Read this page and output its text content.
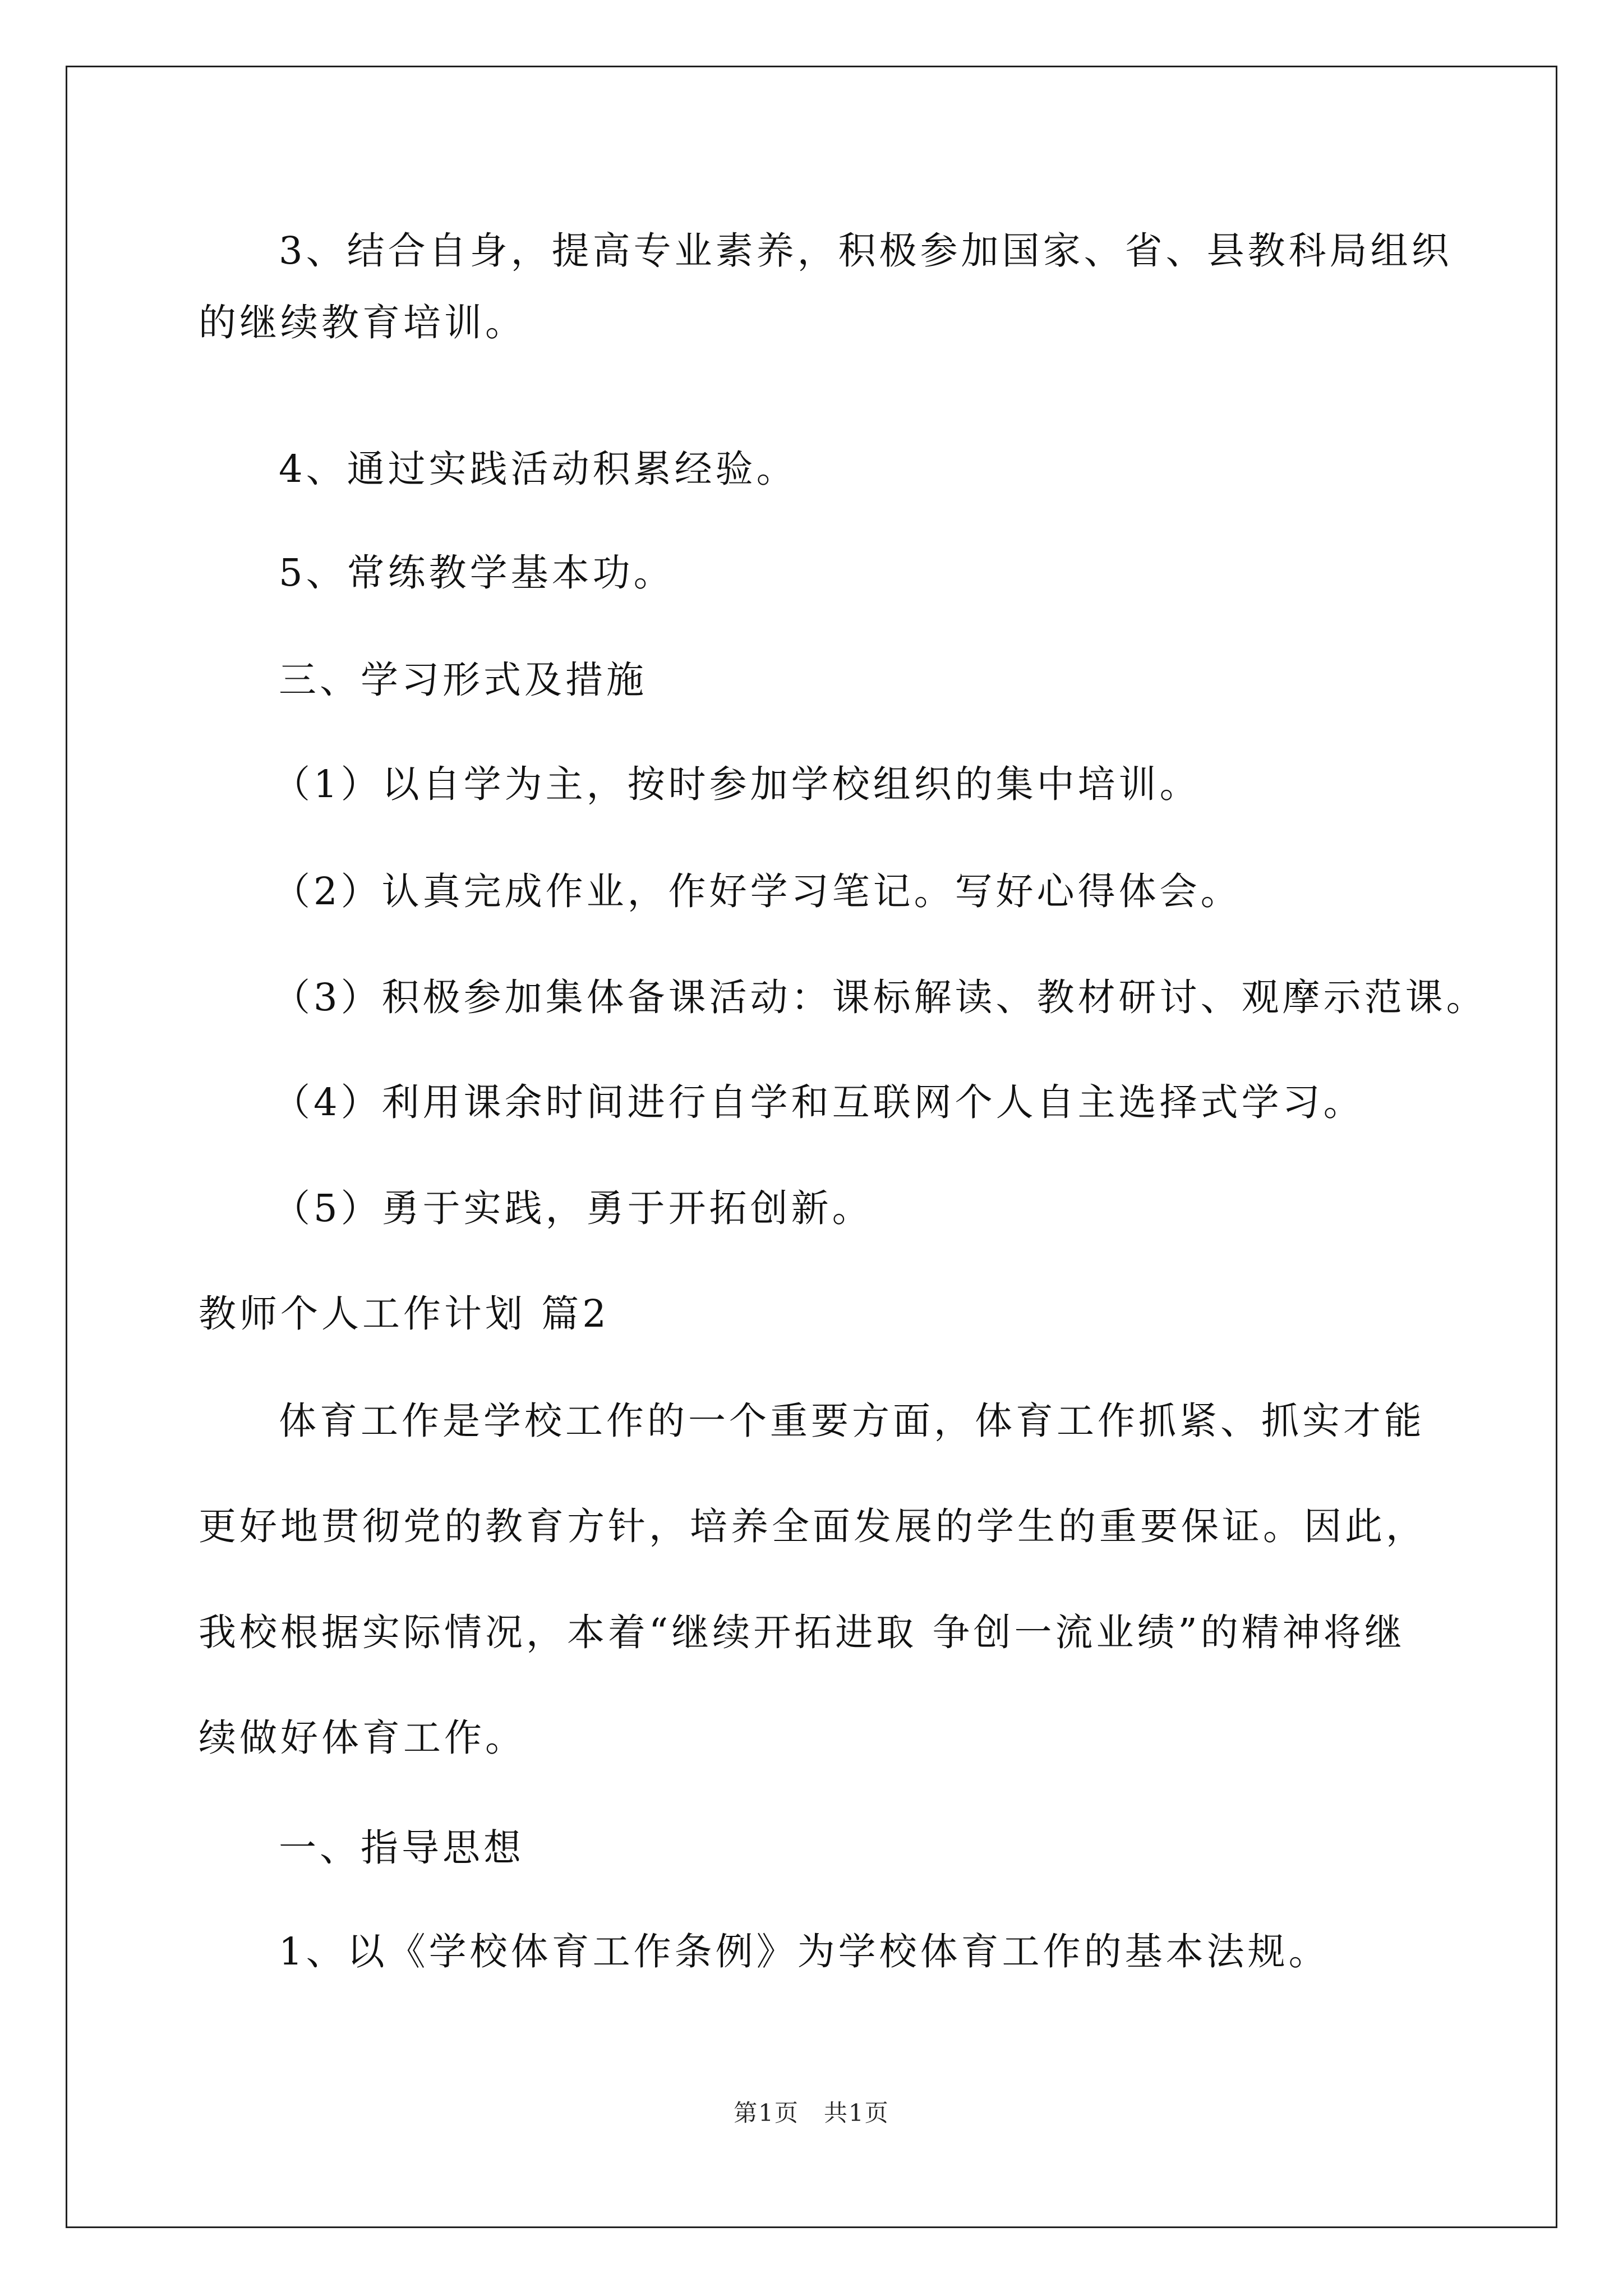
3、结合自身，提高专业素养，积极参加国家、省、县教科局组织
的继续教育培训。
4、通过实践活动积累经验。
5、常练教学基本功。
三、学习形式及措施
（1）以自学为主，按时参加学校组织的集中培训。
（2）认真完成作业，作好学习笔记。写好心得体会。
（3）积极参加集体备课活动：课标解读、教材研讨、观摩示范课。
（4）利用课余时间进行自学和互联网个人自主选择式学习。
（5）勇于实践，勇于开拓创新。
教师个人工作计划 篇2
体育工作是学校工作的一个重要方面，体育工作抓紧、抓实才能
更好地贯彻党的教育方针，培养全面发展的学生的重要保证。因此，
我校根据实际情况，本着“继续开拓进取 争创一流业绩”的精神将继
续做好体育工作。
一、指导思想
1、以《学校体育工作条例》为学校体育工作的基本法规。
第1页　共1页
